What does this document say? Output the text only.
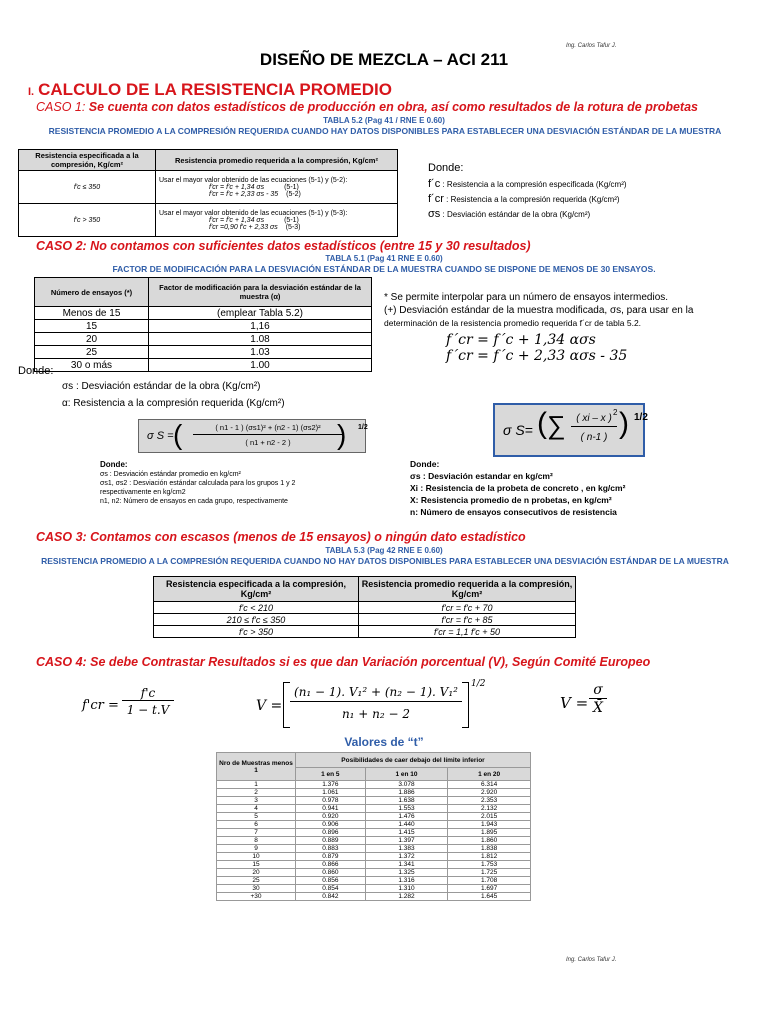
Ing. Carlos Tafur J.
DISEÑO DE MEZCLA – ACI 211
I. CALCULO DE LA RESISTENCIA PROMEDIO
CASO 1: Se cuenta con datos estadísticos de producción en obra, así como resultados de la rotura de probetas
TABLA 5.2 (Pag 41 / RNE E 0.60)
RESISTENCIA PROMEDIO A LA COMPRESIÓN REQUERIDA CUANDO HAY DATOS DISPONIBLES PARA ESTABLECER UNA DESVIACIÓN ESTÁNDAR DE LA MUESTRA
Resistencia especificada a la compresión, Kg/cm²	Resistencia promedio requerida a la compresión, Kg/cm²
f'c ≤ 350	Usar el mayor valor obtenido de las ecuaciones (5-1) y (5-2):
f'cr = f'c + 1,34 σs (5-1)
f'cr = f'c + 2,33 σs - 35 (5-2)

f'c > 350	Usar el mayor valor obtenido de las ecuaciones (5-1) y (5-3):
f'cr = f'c + 1,34 σs (5-1)
f'cr =0,90 f'c + 2,33 σs (5-3)
Donde:
f´c : Resistencia a la compresión especificada (Kg/cm²)
f´cr : Resistencia a la compresión requerida (Kg/cm²)
σs : Desviación estándar de la obra (Kg/cm²)
CASO 2: No contamos con suficientes datos estadísticos (entre 15 y 30 resultados)
TABLA 5.1 (Pag 41 RNE E 0.60)
FACTOR DE MODIFICACIÓN PARA LA DESVIACIÓN ESTÁNDAR DE LA MUESTRA CUANDO SE DISPONE DE MENOS DE 30 ENSAYOS.
Número de ensayos (*)	Factor de modificación para la desviación estándar de la muestra (α)
Menos de 15	(emplear Tabla 5.2)
15	1,16
20	1.08
25	1.03
30 o más	1.00
* Se permite interpolar para un número de ensayos intermedios.
(+) Desviación estándar de la muestra modificada, σs, para usar en la
determinación de la resistencia promedio requerida f´cr de tabla 5.2.
f´cr = f´c + 1,34 ασs
f´cr = f´c + 2,33 ασs - 35
Donde:
σs : Desviación estándar de la obra (Kg/cm²)
α: Resistencia a la compresión requerida (Kg/cm²)
σ S = (	( n1 - 1 ) (σs1)² + (n2 - 1) (σs2)²
( n1 + n2 - 2 )	) 1/2	σ S= ( ∑	( xi – x )
2
( n-1 ) ) 1/2
Donde:
σs : Desviación estándar promedio en kg/cm²
σs1, σs2 : Desviación estándar calculada para los grupos 1 y 2
respectivamente en kg/cm2
n1, n2: Número de ensayos en cada grupo, respectivamente
Donde:
σs : Desviación estandar en kg/cm²
Xi : Resistencia de la probeta de concreto , en kg/cm²
X: Resistencia promedio de n probetas, en kg/cm²
n: Número de ensayos consecutivos de resistencia
CASO 3: Contamos con escasos (menos de 15 ensayos) o ningún dato estadístico
TABLA 5.3 (Pag 42 RNE E 0.60)
RESISTENCIA PROMEDIO A LA COMPRESIÓN REQUERIDA CUANDO NO HAY DATOS DISPONIBLES PARA ESTABLECER UNA DESVIACIÓN ESTÁNDAR DE LA MUESTRA
Resistencia especificada a la compresión, Kg/cm²	Resistencia promedio requerida a la compresión, Kg/cm²
f'c < 210	f'cr = f'c + 70
210 ≤ f'c ≤ 350	f'cr = f'c + 85
f'c > 350	f'cr = 1,1 f'c + 50
CASO 4: Se debe Contrastar Resultados si es que dan Variación porcentual (V), Según Comité Europeo
f'cr =
f'c
1 − t.V	V =
(n₁ − 1). V₁² + (n₂ − 1). V₁²
n₁ + n₂ − 2
1/2
V =
σ
X̄
Valores de “t”
Nro de Muestras menos 1	Posibilidades de caer debajo del límite inferior		
	1 en 5	1 en 10	1 en 20
1	1.376	3.078	6.314
2	1.061	1.886	2.920
3	0.978	1.638	2.353
4	0.941	1.553	2.132
5	0.920	1.476	2.015
6	0.906	1.440	1.943
7	0.896	1.415	1.895
8	0.889	1.397	1.860
9	0.883	1.383	1.838
10	0.879	1.372	1.812
15	0.866	1.341	1.753
20	0.860	1.325	1.725
25	0.856	1.316	1.708
30	0.854	1.310	1.697
+30	0.842	1.282	1.645
Ing. Carlos Tafur J.
